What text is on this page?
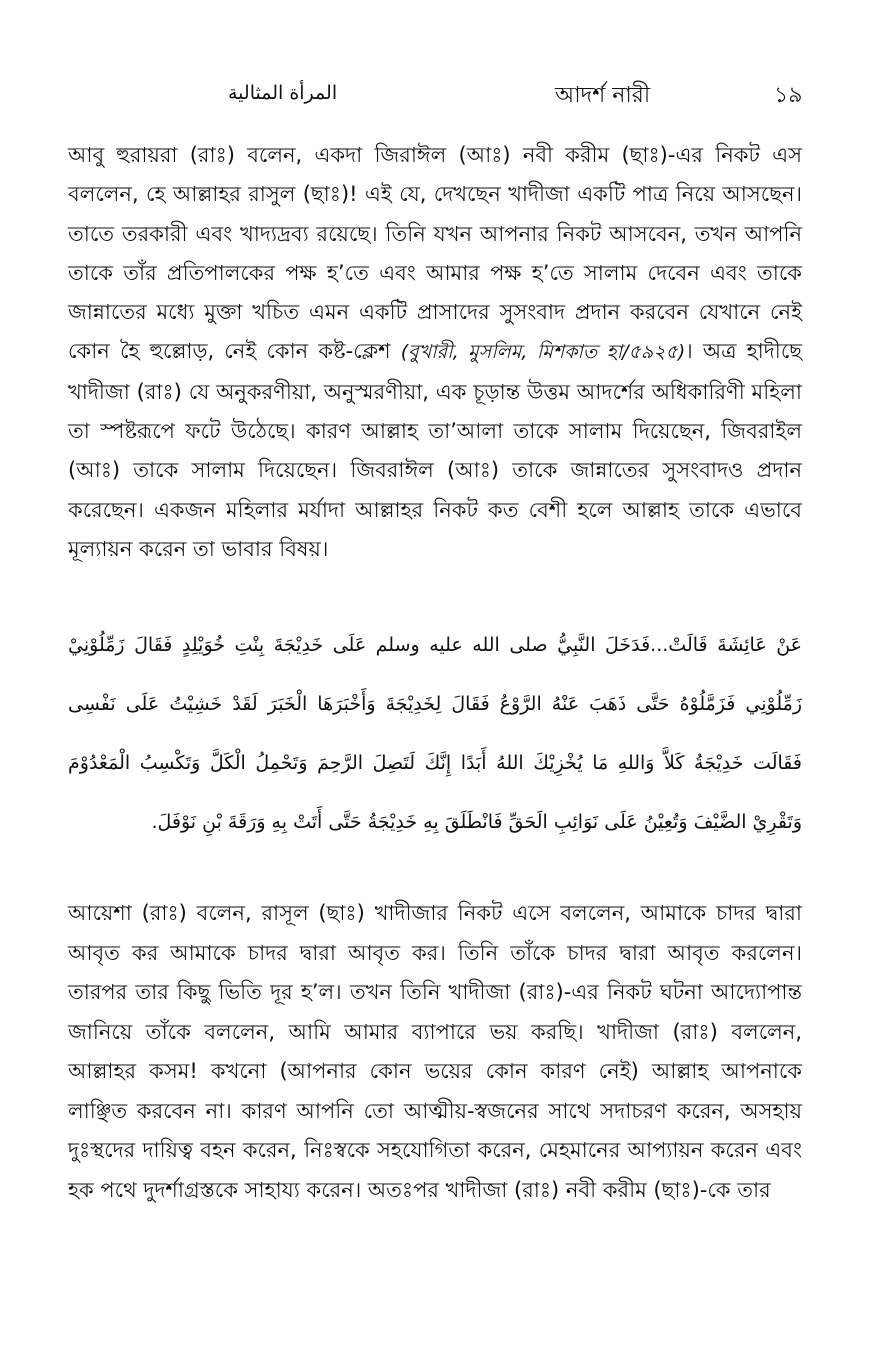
المرأة المثالية	আদর্শ নারী	১৯
আবু হুরায়রা (রাঃ) বলেন, একদা জিরাঈল (আঃ) নবী করীম (ছাঃ)-এর নিকট এস বললেন, হে আল্লাহর রাসুল (ছাঃ)! এই যে, দেখছেন খাদীজা একটি পাত্র নিয়ে আসছেন। তাতে তরকারী এবং খাদ্যদ্রব্য রয়েছে। তিনি যখন আপনার নিকট আসবেন, তখন আপনি তাকে তাঁর প্রতিপালকের পক্ষ হ’তে এবং আমার পক্ষ হ’তে সালাম দেবেন এবং তাকে জান্নাতের মধ্যে মুক্তা খচিত এমন একটি প্রাসাদের সুসংবাদ প্রদান করবেন যেখানে নেই কোন হৈ হুল্লোড়, নেই কোন কষ্ট-ক্লেশ (বুখারী, মুসলিম, মিশকাত হা/৫৯২৫)। অত্র হাদীছে খাদীজা (রাঃ) যে অনুকরণীয়া, অনুস্মরণীয়া, এক চূড়ান্ত উত্তম আদর্শের অধিকারিণী মহিলা তা স্পষ্টরূপে ফটে উঠেছে। কারণ আল্লাহ তা’আলা তাকে সালাম দিয়েছেন, জিবরাইল (আঃ) তাকে সালাম দিয়েছেন। জিবরাঈল (আঃ) তাকে জান্নাতের সুসংবাদও প্রদান করেছেন। একজন মহিলার মর্যাদা আল্লাহর নিকট কত বেশী হলে আল্লাহ তাকে এভাবে মূল্যায়ন করেন তা ভাবার বিষয়।
عَنْ عَائِشَةَ قَالَتْ...فَدَخَلَ النَّبِيُّ صلى الله عليه وسلم عَلَى خَدِيْجَةَ بِنْتِ خُوَيْلِدٍ فَقَالَ زَمِّلُوْنِيْ زَمِّلُوْنِي فَزَمَّلُوْهُ حَتَّى ذَهَبَ عَنْهُ الرَّوْعُ فَقَالَ لِخَدِيْجَةَ وَأَخْبَرَهَا الْخَبَرَ لَقَدْ خَشِيْتُ عَلَى نَفْسِى فَقَالَت خَدِيْجَةُ كَلاَّ وَاللهِ مَا يُخْزِيْكَ اللهُ أَبَدًا إِنَّكَ لَتَصِلَ الرَّحِمَ وَتَحْمِلُ الْكَلَّ وَتَكْسِبُ الْمَعْدُوْمَ وَتَقْرِيْ الضَّيْفَ وَتُعِيْنُ عَلَى نَوَائِبِ الَحَقِّ فَانْطَلَقَ بِهِ خَدِيْجَةُ حَتَّى أَتَتْ بِهِ وَرَقَةَ بْنِ نَوْفَلَ.
আয়েশা (রাঃ) বলেন, রাসূল (ছাঃ) খাদীজার নিকট এসে বললেন, আমাকে চাদর দ্বারা আবৃত কর আমাকে চাদর দ্বারা আবৃত কর। তিনি তাঁকে চাদর দ্বারা আবৃত করলেন। তারপর তার কিছু ভিতি দূর হ’ল। তখন তিনি খাদীজা (রাঃ)-এর নিকট ঘটনা আদ্যোপান্ত জানিয়ে তাঁকে বললেন, আমি আমার ব্যাপারে ভয় করছি। খাদীজা (রাঃ) বললেন, আল্লাহর কসম! কখনো (আপনার কোন ভয়ের কোন কারণ নেই) আল্লাহ আপনাকে লাঞ্ছিত করবেন না। কারণ আপনি তো আত্মীয়-স্বজনের সাথে সদাচরণ করেন, অসহায় দুঃস্থদের দায়িত্ব বহন করেন, নিঃস্বকে সহযোগিতা করেন, মেহমানের আপ্যায়ন করেন এবং হক পথে দুদর্শাগ্রস্তকে সাহায্য করেন। অতঃপর খাদীজা (রাঃ) নবী করীম (ছাঃ)-কে তার
